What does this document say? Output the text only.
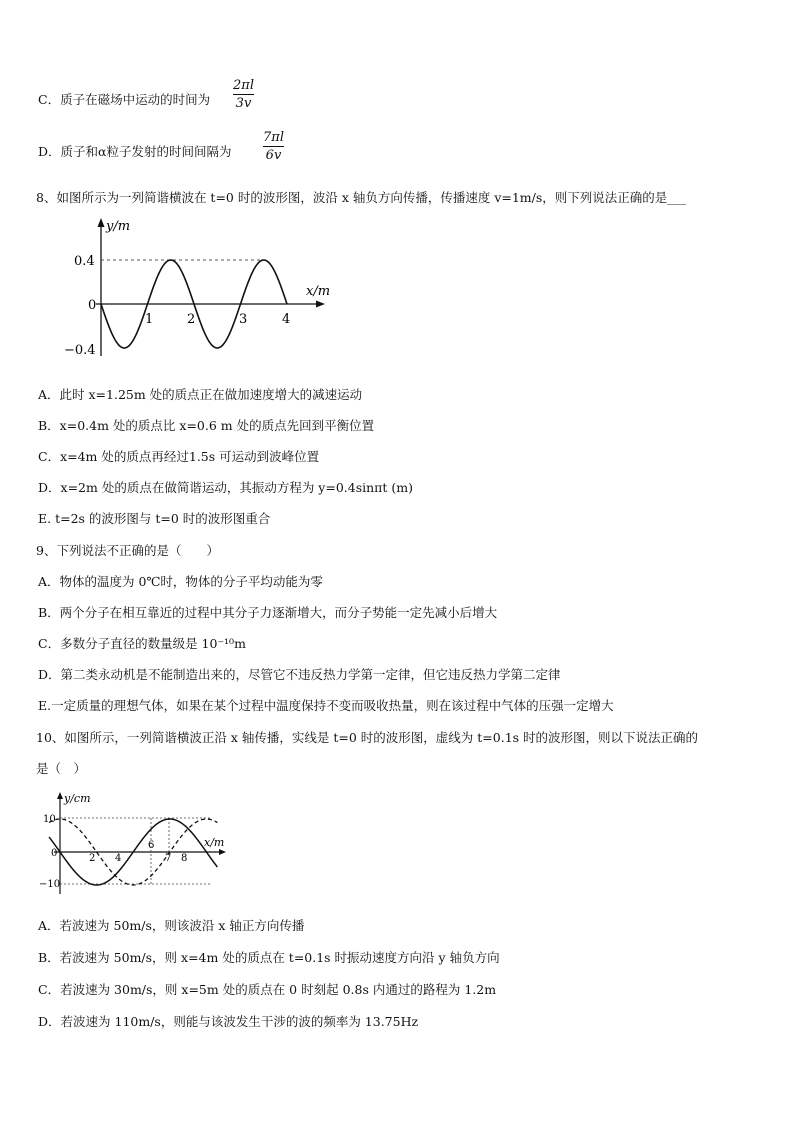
C．质子在磁场中运动的时间为
2πl
3v
D．质子和α粒子发射的时间间隔为
7πl
6v
8、如图所示为一列简谐横波在 t=0 时的波形图，波沿 x 轴负方向传播，传播速度 v=1m/s，则下列说法正确的是___
y/m
x/m
0.4
0
−0.4
1	2	3	4
A．此时 x=1.25m 处的质点正在做加速度增大的减速运动
B．x=0.4m 处的质点比 x=0.6 m 处的质点先回到平衡位置
C．x=4m 处的质点再经过1.5s 可运动到波峰位置
D．x=2m 处的质点在做简谐运动，其振动方程为 y=0.4sinπt (m)
E. t=2s 的波形图与 t=0 时的波形图重合
9、下列说法不正确的是（　　）
A．物体的温度为 0℃时，物体的分子平均动能为零
B．两个分子在相互靠近的过程中其分子力逐渐增大，而分子势能一定先减小后增大
C．多数分子直径的数量级是 10⁻¹⁰m
D．第二类永动机是不能制造出来的，尽管它不违反热力学第一定律，但它违反热力学第二定律
E.一定质量的理想气体，如果在某个过程中温度保持不变而吸收热量，则在该过程中气体的压强一定增大
10、如图所示，一列简谐横波正沿 x 轴传播，实线是 t=0 时的波形图，虚线为 t=0.1s 时的波形图，则以下说法正确的
是（　）
y/cm
x/m
10
0
−10
2 4
6
7 8
A．若波速为 50m/s，则该波沿 x 轴正方向传播
B．若波速为 50m/s，则 x=4m 处的质点在 t=0.1s 时振动速度方向沿 y 轴负方向
C．若波速为 30m/s，则 x=5m 处的质点在 0 时刻起 0.8s 内通过的路程为 1.2m
D．若波速为 110m/s，则能与该波发生干涉的波的频率为 13.75Hz
